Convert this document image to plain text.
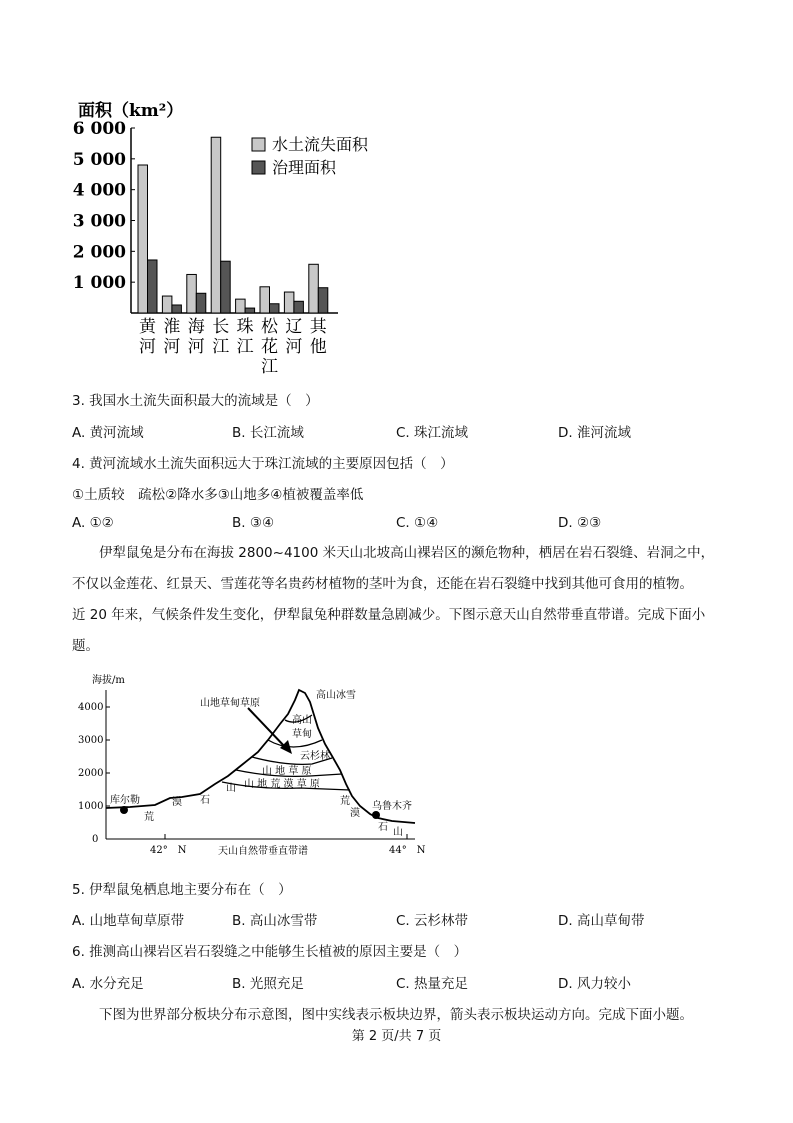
面积（km²）
1 000
2 000
3 000
4 000
5 000
6 000
黄
河
淮
河
海
河
长
江
珠
江
松
花
江
辽
河
其
他
水土流失面积
治理面积
3. 我国水土流失面积最大的流域是（　）
A. 黄河流域	B. 长江流域	C. 珠江流域	D. 淮河流域
4. 黄河流域水土流失面积远大于珠江流域的主要原因包括（　）
①土质较　疏松②降水多③山地多④植被覆盖率低
A. ①②	B. ③④	C. ①④	D. ②③
伊犁鼠兔是分布在海拔 2800~4100 米天山北坡高山裸岩区的濒危物种，栖居在岩石裂缝、岩洞之中，
不仅以金莲花、红景天、雪莲花等名贵药材植物的茎叶为食，还能在岩石裂缝中找到其他可食用的植物。
近 20 年来，气候条件发生变化，伊犁鼠兔种群数量急剧减少。下图示意天山自然带垂直带谱。完成下面小
题。
海拔/m
4000
3000
2000
1000
0
库尔勒
乌鲁木齐
山地草甸草原
高山冰雪
高山
草甸
云杉林
山 地 草 原
山 地 荒 漠 草 原
荒
漠 石
山
荒
漠
石 山
42°　N	44°　N
天山自然带垂直带谱
5. 伊犁鼠兔栖息地主要分布在（　）
A. 山地草甸草原带	B. 高山冰雪带	C. 云杉林带	D. 高山草甸带
6. 推测高山裸岩区岩石裂缝之中能够生长植被的原因主要是（　）
A. 水分充足	B. 光照充足	C. 热量充足	D. 风力较小
下图为世界部分板块分布示意图，图中实线表示板块边界，箭头表示板块运动方向。完成下面小题。
第 2 页/共 7 页
